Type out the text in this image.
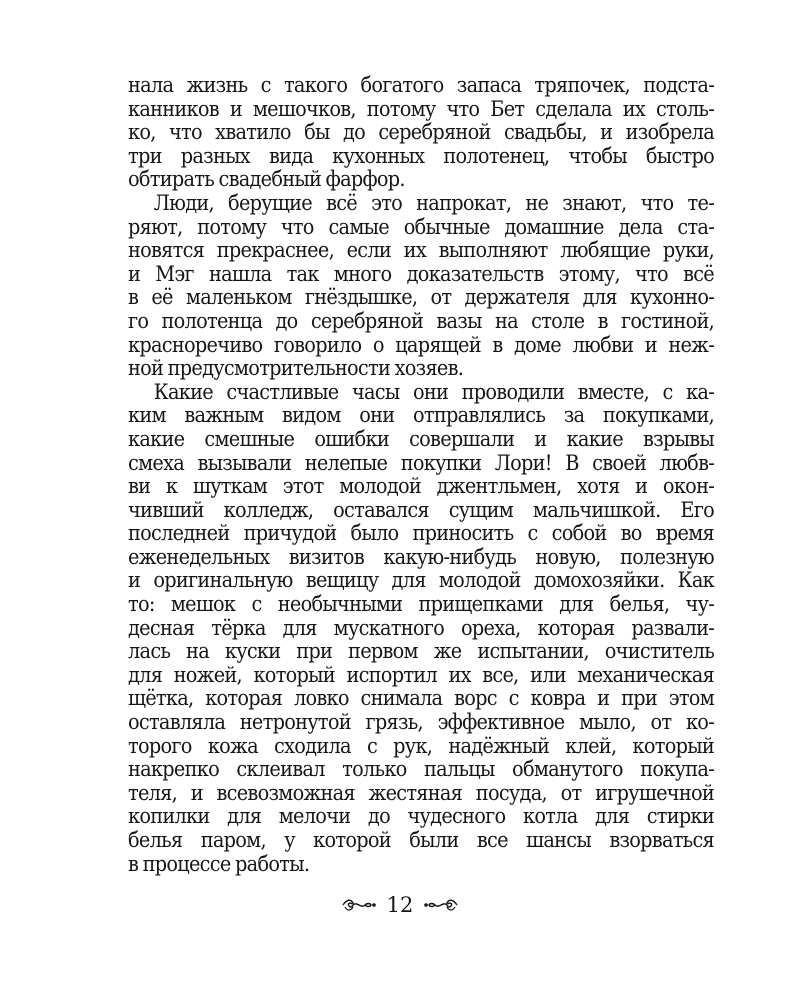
нала жизнь с такого богатого запаса тряпочек, подста-
канников и мешочков, потому что Бет сделала их столь-
ко, что хватило бы до серебряной свадьбы, и изобрела
три разных вида кухонных полотенец, чтобы быстро
обтирать свадебный фарфор.
Люди, берущие всё это напрокат, не знают, что те-
ряют, потому что самые обычные домашние дела ста-
новятся прекраснее, если их выполняют любящие руки,
и Мэг нашла так много доказательств этому, что всё
в её маленьком гнёздышке, от держателя для кухонно-
го полотенца до серебряной вазы на столе в гостиной,
красноречиво говорило о царящей в доме любви и неж-
ной предусмотрительности хозяев.
Какие счастливые часы они проводили вместе, с ка-
ким важным видом они отправлялись за покупками,
какие смешные ошибки совершали и какие взрывы
смеха вызывали нелепые покупки Лори! В своей любв-
ви к шуткам этот молодой джентльмен, хотя и окон-
чивший колледж, оставался сущим мальчишкой. Его
последней причудой было приносить с собой во время
еженедельных визитов какую-нибудь новую, полезную
и оригинальную вещицу для молодой домохозяйки. Как
то: мешок с необычными прищепками для белья, чу-
десная тёрка для мускатного ореха, которая развали-
лась на куски при первом же испытании, очиститель
для ножей, который испортил их все, или механическая
щётка, которая ловко снимала ворс с ковра и при этом
оставляла нетронутой грязь, эффективное мыло, от ко-
торого кожа сходила с рук, надёжный клей, который
накрепко склеивал только пальцы обманутого покупа-
теля, и всевозможная жестяная посуда, от игрушечной
копилки для мелочи до чудесного котла для стирки
белья паром, у которой были все шансы взорваться
в процессе работы.
12
